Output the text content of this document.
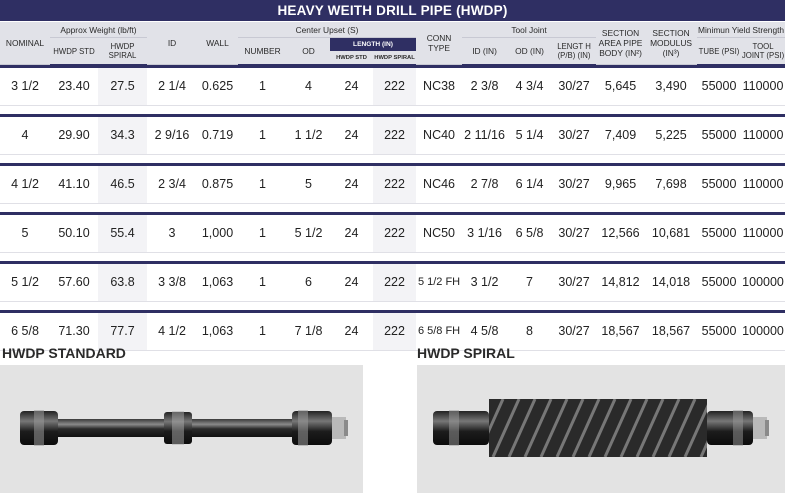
HEAVY WEITH DRILL PIPE (HWDP)
NOMINAL	Approx Weight (lb/ft)		ID	WALL	Center Upset (S)				CONN TYPE	Tool Joint			SECTION AREA PIPE BODY (IN²)	SECTION MODULUS (IN³)	Minimun Yield Strength	
	HWDP STD	HWDP SPIRAL			NUMBER	OD	LENGTH (IN)			ID (IN)	OD (IN)	LENGT H (P/B) (IN)			TUBE (PSI)	TOOL JOINT (PSI)
							HWDP STD	HWDP SPIRAL								

3 1/2	23.40	27.5	2 1/4	0.625	1	4	24	222	NC38	2 3/8	4 3/4	30/27	5,645	3,490	55000	110000

4	29.90	34.3	2 9/16	0.719	1	1 1/2	24	222	NC40	2 11/16	5 1/4	30/27	7,409	5,225	55000	110000

4 1/2	41.10	46.5	2 3/4	0.875	1	5	24	222	NC46	2 7/8	6 1/4	30/27	9,965	7,698	55000	110000

5	50.10	55.4	3	1,000	1	5 1/2	24	222	NC50	3 1/16	6 5/8	30/27	12,566	10,681	55000	110000

5 1/2	57.60	63.8	3 3/8	1,063	1	6	24	222	5 1/2 FH	3 1/2	7	30/27	14,812	14,018	55000	100000

6 5/8	71.30	77.7	4 1/2	1,063	1	7 1/8	24	222	6 5/8 FH	4 5/8	8	30/27	18,567	18,567	55000	100000
HWDP STANDARD	HWDP SPIRAL
